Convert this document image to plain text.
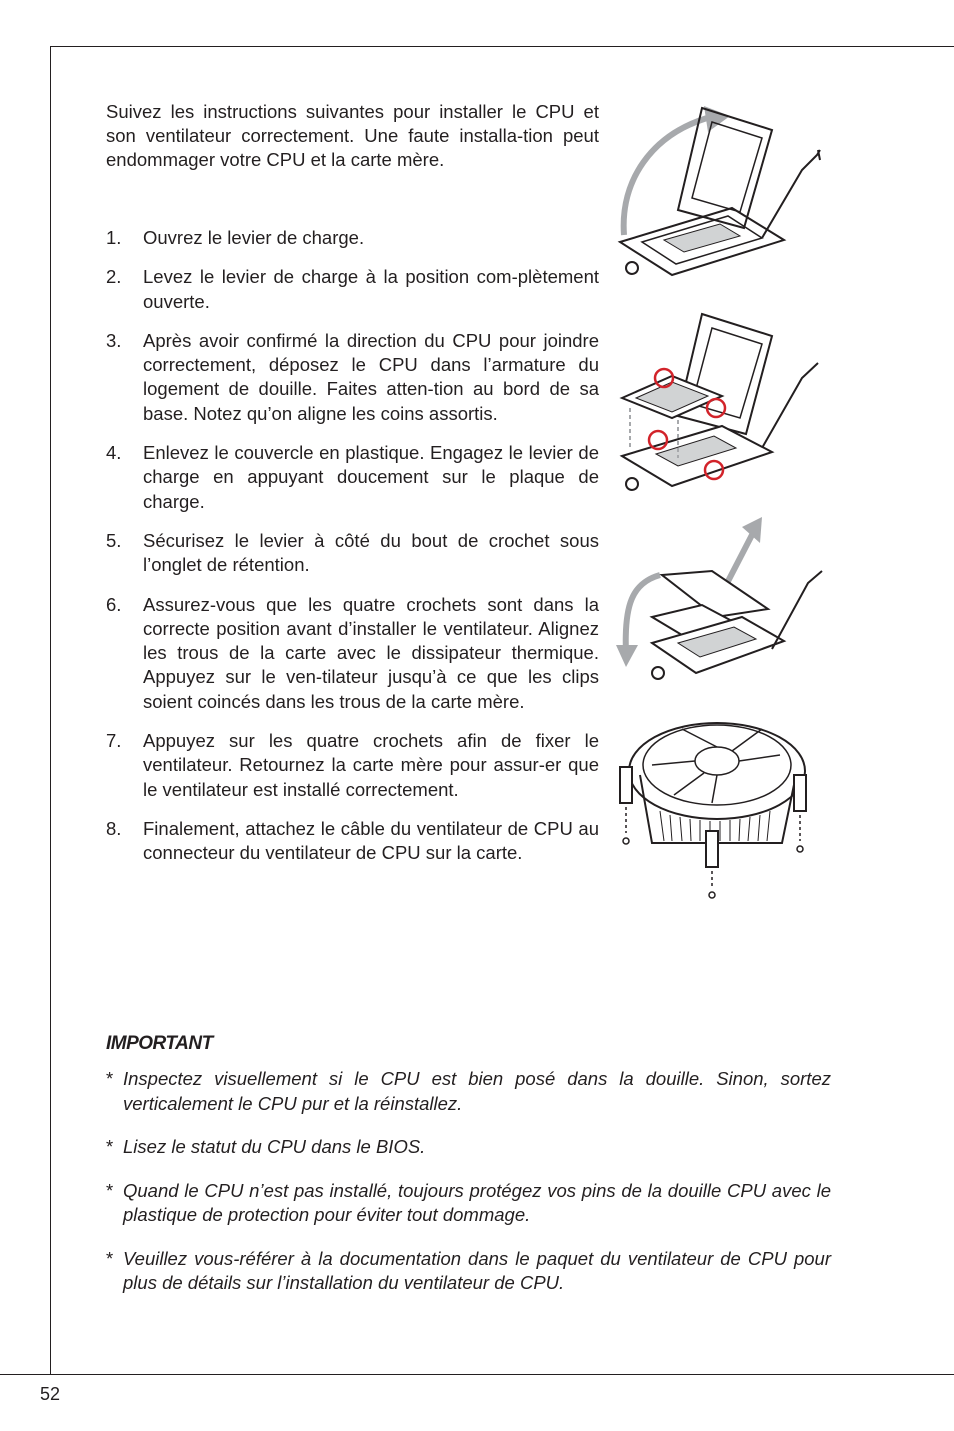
Suivez les instructions suivantes pour installer le CPU et son ventilateur correctement. Une faute installa-tion peut endommager votre CPU et la carte mère.

1. Ouvrez le levier de charge.
2. Levez le levier de charge à la position com-plètement ouverte.
3. Après avoir confirmé la direction du CPU pour joindre correctement, déposez le CPU dans l’armature du logement de douille. Faites atten-tion au bord de sa base. Notez qu’on aligne les coins assortis.
4. Enlevez le couvercle en plastique. Engagez le levier de charge en appuyant doucement sur le plaque de charge.
5. Sécurisez le levier à côté du bout de crochet sous l’onglet de rétention.
6. Assurez-vous que les quatre crochets sont dans la correcte position avant d’installer le ventilateur. Alignez les trous de la carte avec le dissipateur thermique. Appuyez sur le ven-tilateur jusqu’à ce que les clips soient coincés dans les trous de la carte mère.
7. Appuyez sur les quatre crochets afin de fixer le ventilateur. Retournez la carte mère pour assur-er que le ventilateur est installé correctement.
8. Finalement, attachez le câble du ventilateur de CPU au connecteur du ventilateur de CPU sur la carte.
IMPORTANT
* Inspectez visuellement si le CPU est bien posé dans la douille. Sinon, sortez verticalement le CPU pur et la réinstallez.
* Lisez le statut du CPU dans le BIOS.
* Quand le CPU n’est pas installé, toujours protégez vos pins de la douille CPU avec le plastique de protection pour éviter tout dommage.
* Veuillez vous-référer à la documentation dans le paquet du ventilateur de CPU pour plus de détails sur l’installation du ventilateur de CPU.
52
